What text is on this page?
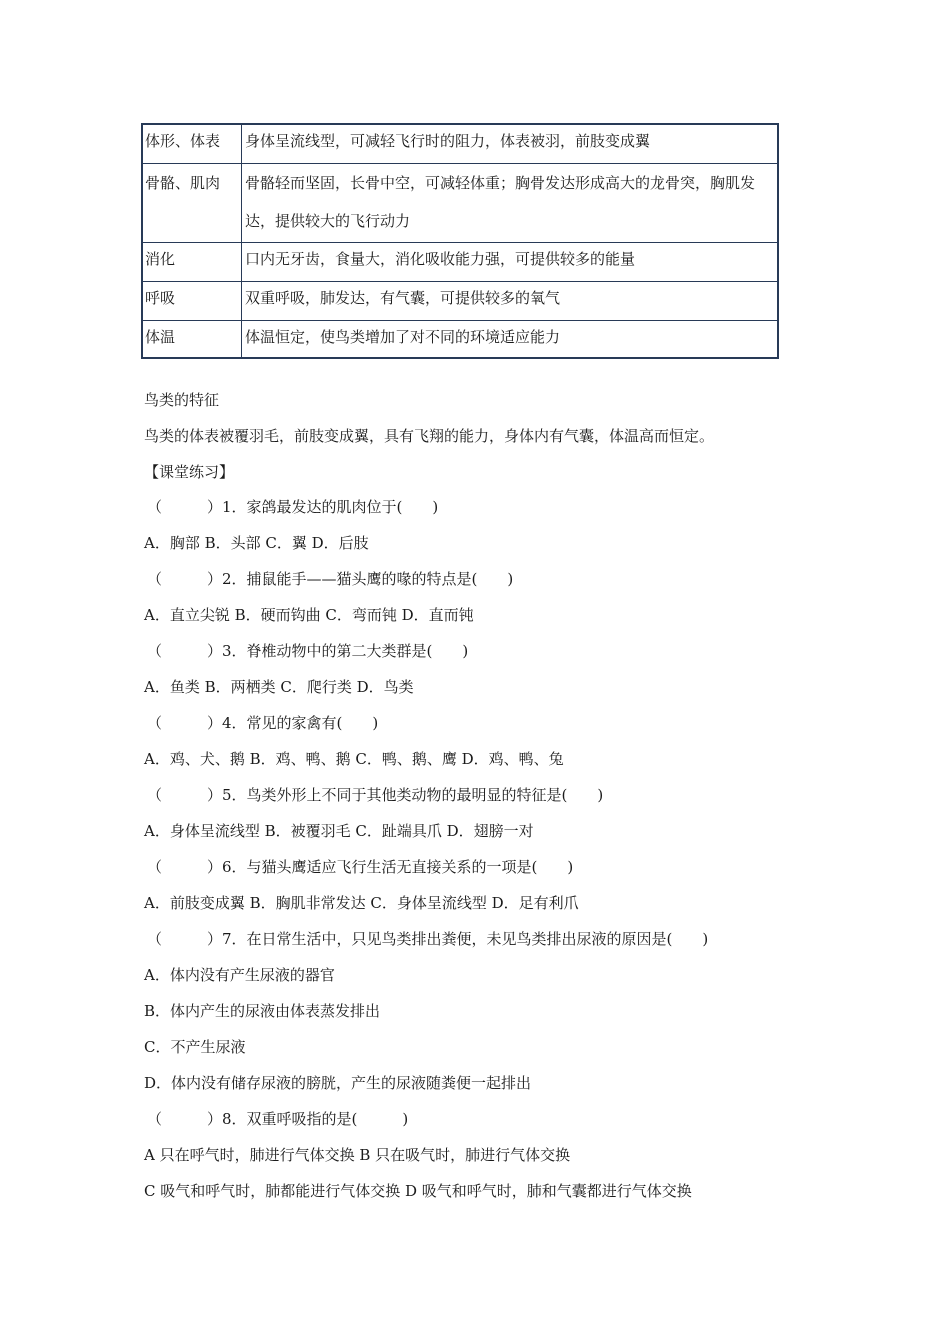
体形、体表	身体呈流线型，可减轻飞行时的阻力，体表被羽，前肢变成翼
骨骼、肌肉	骨骼轻而坚固，长骨中空，可减轻体重；胸骨发达形成高大的龙骨突，胸肌发达，提供较大的飞行动力
消化	口内无牙齿，食量大，消化吸收能力强，可提供较多的能量
呼吸	双重呼吸，肺发达，有气囊，可提供较多的氧气
体温	体温恒定，使鸟类增加了对不同的环境适应能力
鸟类的特征
鸟类的体表被覆羽毛，前肢变成翼，具有飞翔的能力，身体内有气囊，体温高而恒定。
【课堂练习】
（　　　）1．家鸽最发达的肌肉位于(　　)
A．胸部 B．头部 C．翼 D．后肢
（　　　）2．捕鼠能手——猫头鹰的喙的特点是(　　)
A．直立尖锐 B．硬而钩曲 C．弯而钝 D．直而钝
（　　　）3．脊椎动物中的第二大类群是(　　)
A．鱼类 B．两栖类 C．爬行类 D．鸟类
（　　　）4．常见的家禽有(　　)
A．鸡、犬、鹅 B．鸡、鸭、鹅 C．鸭、鹅、鹰 D．鸡、鸭、兔
（　　　）5．鸟类外形上不同于其他类动物的最明显的特征是(　　)
A．身体呈流线型 B．被覆羽毛 C．趾端具爪 D．翅膀一对
（　　　）6．与猫头鹰适应飞行生活无直接关系的一项是(　　)
A．前肢变成翼 B．胸肌非常发达 C．身体呈流线型 D．足有利爪
（　　　）7．在日常生活中，只见鸟类排出粪便，未见鸟类排出尿液的原因是(　　)
A．体内没有产生尿液的器官
B．体内产生的尿液由体表蒸发排出
C．不产生尿液
D．体内没有储存尿液的膀胱，产生的尿液随粪便一起排出
（　　　）8．双重呼吸指的是(　　　)
A 只在呼气时，肺进行气体交换 B 只在吸气时，肺进行气体交换
C 吸气和呼气时，肺都能进行气体交换 D 吸气和呼气时，肺和气囊都进行气体交换
